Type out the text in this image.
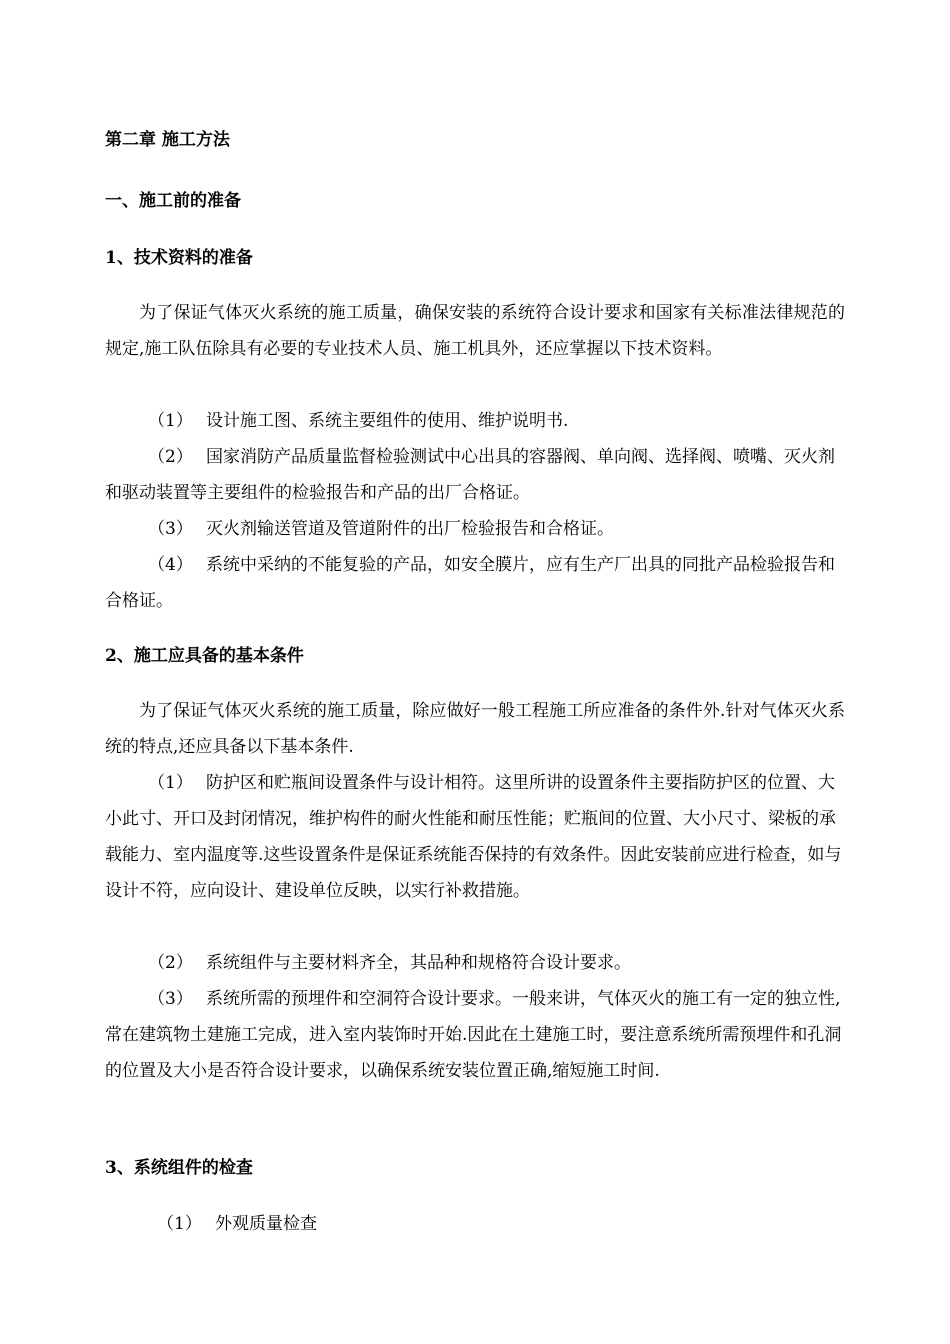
第二章 施工方法
一、施工前的准备
1、技术资料的准备
为了保证气体灭火系统的施工质量，确保安装的系统符合设计要求和国家有关标准法律规范的规定,施工队伍除具有必要的专业技术人员、施工机具外，还应掌握以下技术资料。
（1） 设计施工图、系统主要组件的使用、维护说明书.
（2） 国家消防产品质量监督检验测试中心出具的容器阀、单向阀、选择阀、喷嘴、灭火剂和驱动装置等主要组件的检验报告和产品的出厂合格证。
（3） 灭火剂输送管道及管道附件的出厂检验报告和合格证。
（4） 系统中采纳的不能复验的产品，如安全膜片，应有生产厂出具的同批产品检验报告和合格证。
2、施工应具备的基本条件
为了保证气体灭火系统的施工质量，除应做好一般工程施工所应准备的条件外.针对气体灭火系统的特点,还应具备以下基本条件.
（1） 防护区和贮瓶间设置条件与设计相符。这里所讲的设置条件主要指防护区的位置、大小此寸、开口及封闭情况，维护构件的耐火性能和耐压性能；贮瓶间的位置、大小尺寸、梁板的承载能力、室内温度等.这些设置条件是保证系统能否保持的有效条件。因此安装前应进行检查，如与设计不符，应向设计、建设单位反映，以实行补救措施。
（2） 系统组件与主要材料齐全，其品种和规格符合设计要求。
（3） 系统所需的预埋件和空洞符合设计要求。一般来讲，气体灭火的施工有一定的独立性,常在建筑物土建施工完成，进入室内装饰时开始.因此在土建施工时，要注意系统所需预埋件和孔洞的位置及大小是否符合设计要求，以确保系统安装位置正确,缩短施工时间.
3、系统组件的检查
（1） 外观质量检查
